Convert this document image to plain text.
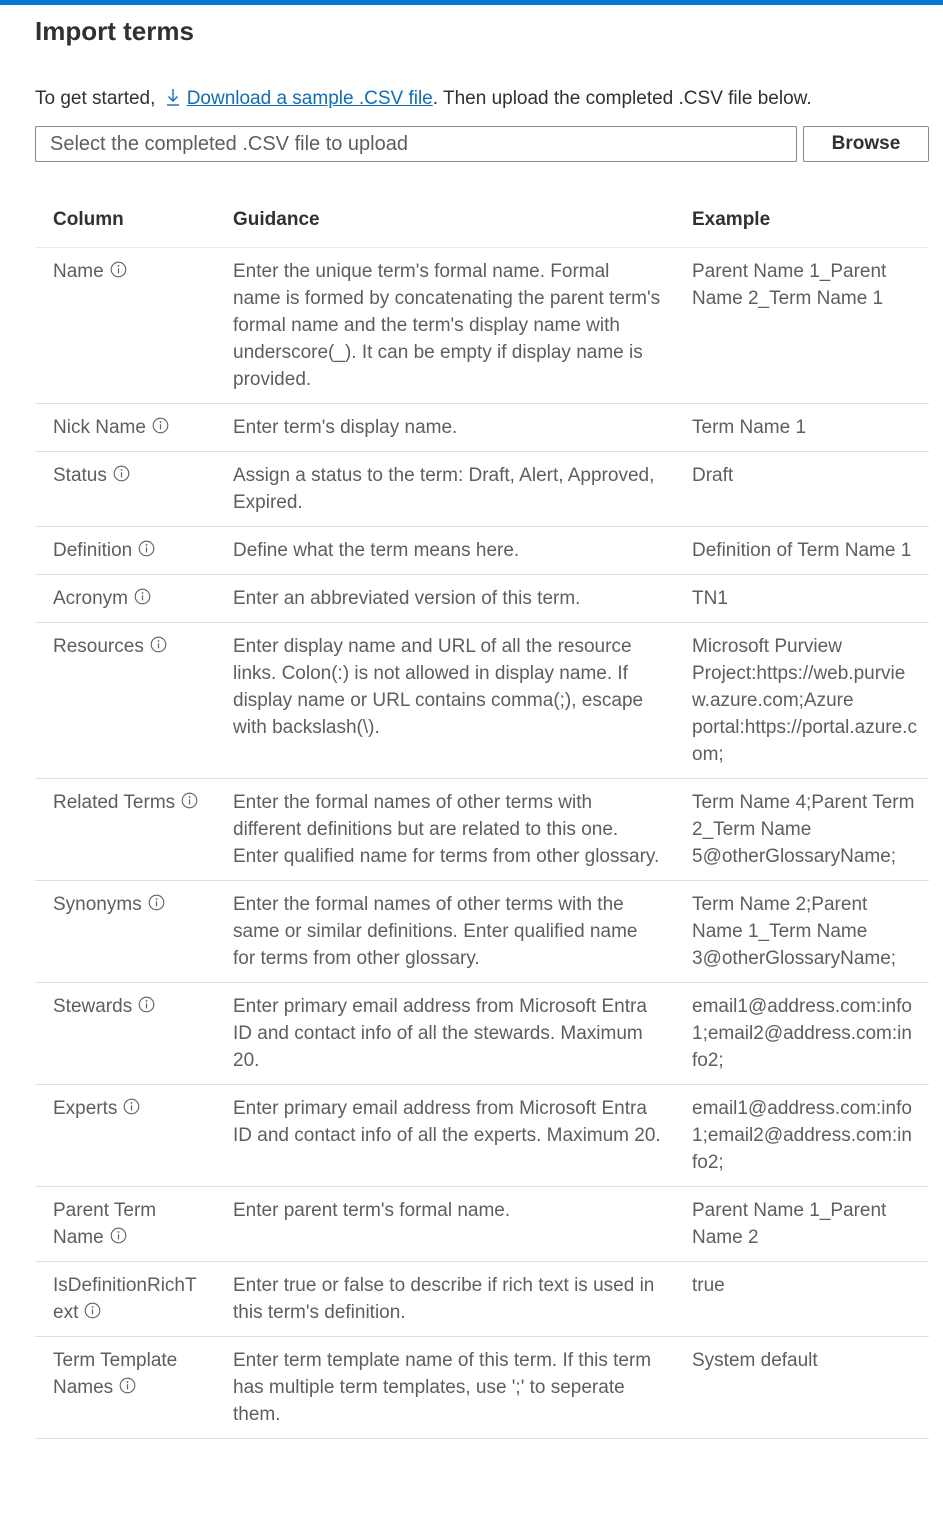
Import terms
To get started, Download a sample .CSV file. Then upload the completed .CSV file below.
Select the completed .CSV file to upload
Browse
Column	Guidance	Example
Name	Enter the unique term's formal name. Formal name is formed by concatenating the parent term's formal name and the term's display name with underscore(_). It can be empty if display name is provided.	Parent Name 1_Parent Name 2_Term Name 1
Nick Name	Enter term's display name.	Term Name 1
Status	Assign a status to the term: Draft, Alert, Approved, Expired.	Draft
Definition	Define what the term means here.	Definition of Term Name 1
Acronym	Enter an abbreviated version of this term.	TN1
Resources	Enter display name and URL of all the resource links. Colon(:) is not allowed in display name. If display name or URL contains comma(;), escape with backslash(\).	Microsoft Purview Project:https://web.purview.azure.com;Azure portal:https://portal.azure.com;
Related Terms	Enter the formal names of other terms with different definitions but are related to this one. Enter qualified name for terms from other glossary.	Term Name 4;Parent Term 2_Term Name 5@otherGlossaryName;
Synonyms	Enter the formal names of other terms with the same or similar definitions. Enter qualified name for terms from other glossary.	Term Name 2;Parent Name 1_Term Name 3@otherGlossaryName;
Stewards	Enter primary email address from Microsoft Entra ID and contact info of all the stewards. Maximum 20.	email1@address.com:info1;email2@address.com:info2;
Experts	Enter primary email address from Microsoft Entra ID and contact info of all the experts. Maximum 20.	email1@address.com:info1;email2@address.com:info2;
Parent Term Name	Enter parent term's formal name.	Parent Name 1_Parent Name 2
IsDefinitionRichText	Enter true or false to describe if rich text is used in this term's definition.	true
Term Template Names	Enter term template name of this term. If this term has multiple term templates, use ';' to seperate them.	System default
